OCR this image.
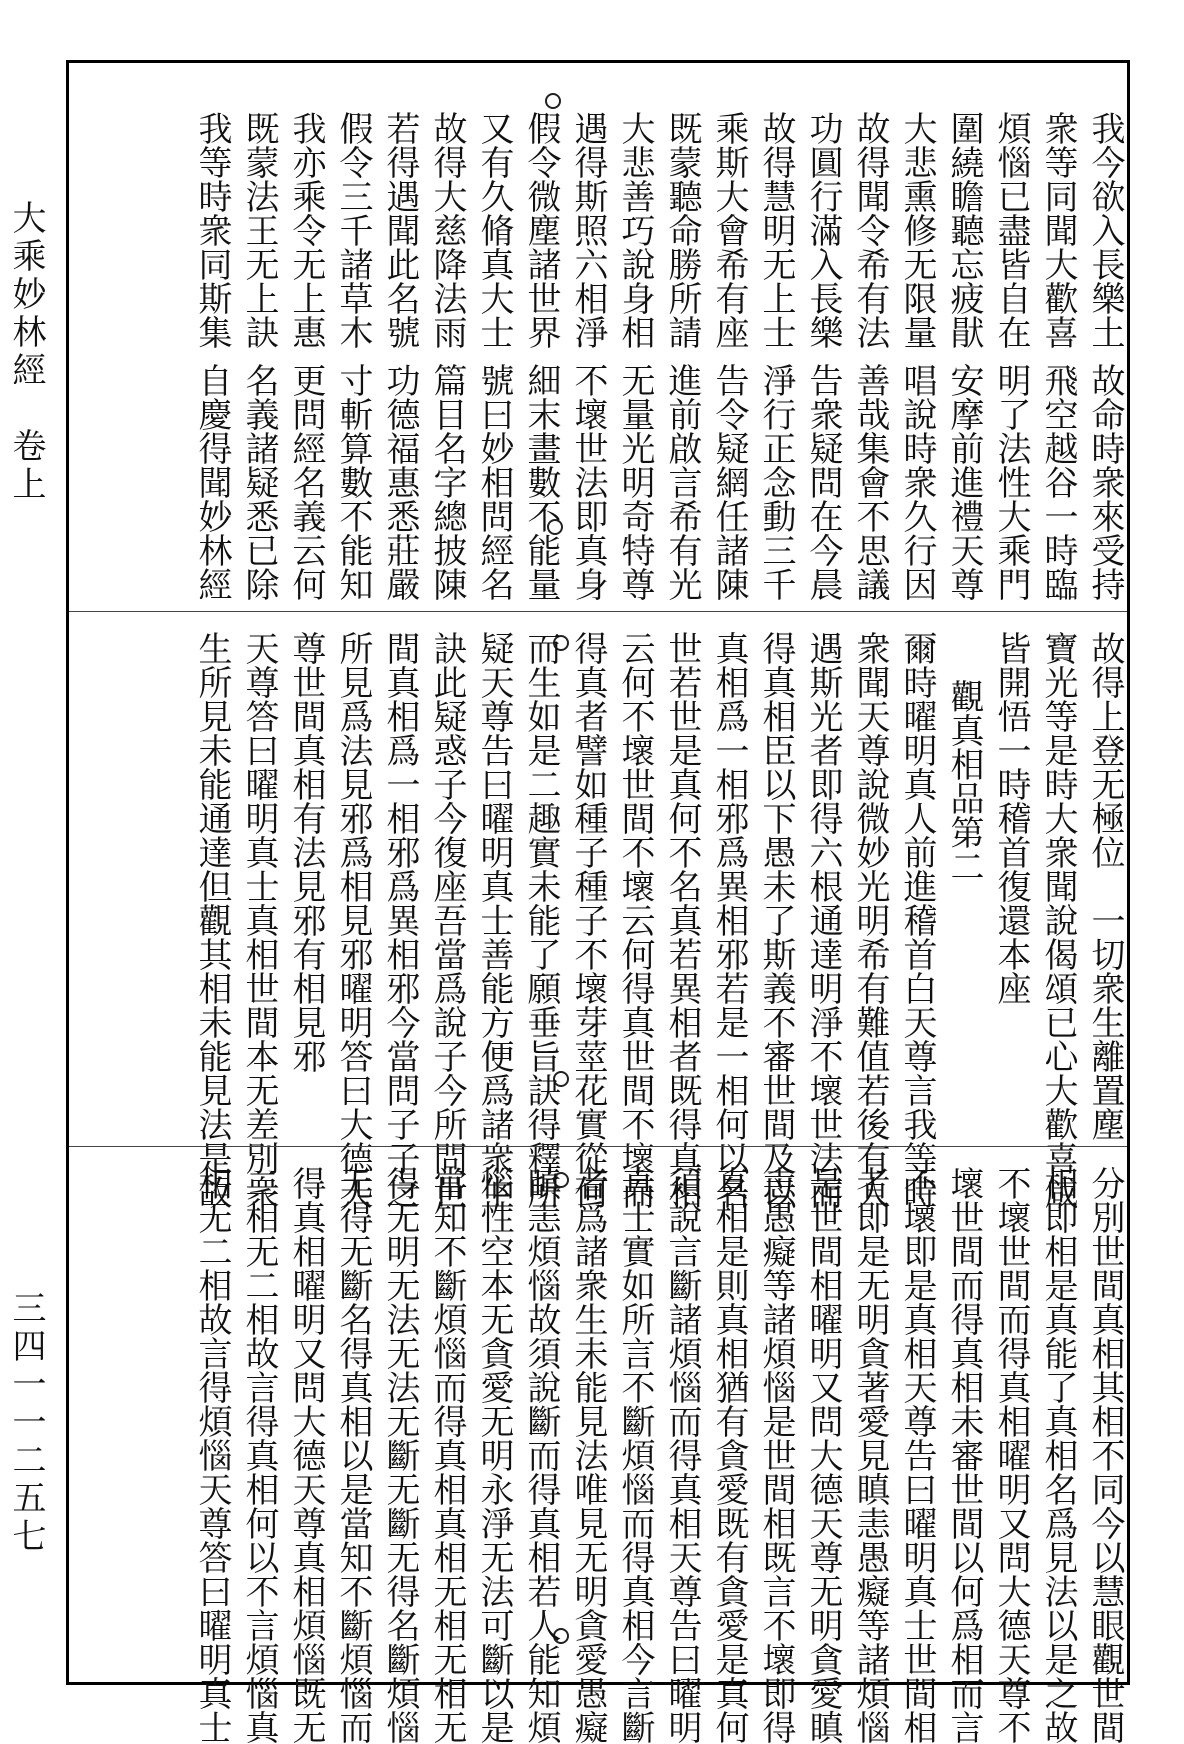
大乘妙林經　卷上
三四一一二五七
我今欲入長樂土
衆等同聞大歡喜
煩惱已盡皆自在
圍繞瞻聽忘疲猒
大悲熏修无限量
故得聞令希有法
功圓行滿入長樂
故得慧明无上士
乘斯大會希有座
既蒙聽命勝所請
大悲善巧說身相
遇得斯照六相淨
假令微塵諸世界
又有久脩真大士
故得大慈降法雨
若得遇聞此名號
假令三千諸草木
我亦乘令无上惠
既蒙法王无上訣
我等時衆同斯集
故命時衆來受持
飛空越谷一時臨
明了法性大乘門
安摩前進禮天尊
唱說時衆久行因
善哉集會不思議
告衆疑問在今晨
淨行正念動三千
告令疑網任諸陳
進前啟言希有光
无量光明奇特尊
不壞世法即真身
細末畫數不能量
號曰妙相問經名
篇目名字總披陳
功德福惠悉莊嚴
寸斬算數不能知
更問經名義云何
名義諸疑悉已除
自慶得聞妙林經
故得上登无極位　一切衆生離置塵
寶光等是時大衆聞說偈頌已心大歡喜咸
皆開悟一時稽首復還本座
觀真相品第二
爾時曜明真人前進稽首白天尊言我等時
衆聞天尊說微妙光明希有難值若後有人
遇斯光者即得六根通達明淨不壞世法而
得真相臣以下愚未了斯義不審世間及以
真相爲一相邪爲異相邪若是一相何以名
世若世是真何不名真若異相者既得真相
云何不壞世間不壞云何得真世間不壞而
得真者譬如種子種子不壞芽莖花實從何
而生如是二趣實未能了願垂旨訣得釋所
疑天尊告曰曜明真士善能方便爲諸衆生
訣此疑惑子今復座吾當爲說子今所問世
間真相爲一相邪爲異相邪今當問子子之
所見爲法見邪爲相見邪曜明答曰大德天
尊世間真相有法見邪有相見邪
天尊答曰曜明真士真相世間本无差別衆
生所見未能通達但觀其相未能見法是故
分別世間真相其相不同今以慧眼觀世間
相即相是真能了真相名爲見法以是之故
不壞世間而得真相曜明又問大德天尊不
壞世間而得真相未審世間以何爲相而言
不壞即是真相天尊告曰曜明真士世間相
者即是无明貪著愛見瞋恚愚癡等諸煩惱
是世間相曜明又問大德天尊无明貪愛瞋
恚愚癡等諸煩惱是世間相既言不壞即得
真相是則真相猶有貪愛既有貪愛是真何
須說言斷諸煩惱而得真相天尊告曰曜明
真士實如所言不斷煩惱而得真相今言斷
者爲諸衆生未能見法唯見无明貪愛愚癡
瞋恚煩惱故須說斷而得真相若人能知煩
惱性空本无貪愛无明永淨无法可斷以是
當知不斷煩惱而得真相真相无相无相无
得无明无法无法无斷无斷无得名斷煩惱
无得无斷名得真相以是當知不斷煩惱而
得真相曜明又問大德天尊真相煩惱既无
二相无二相故言得真相何以不言煩惱真
相无二相故言得煩惱天尊答曰曜明真士
